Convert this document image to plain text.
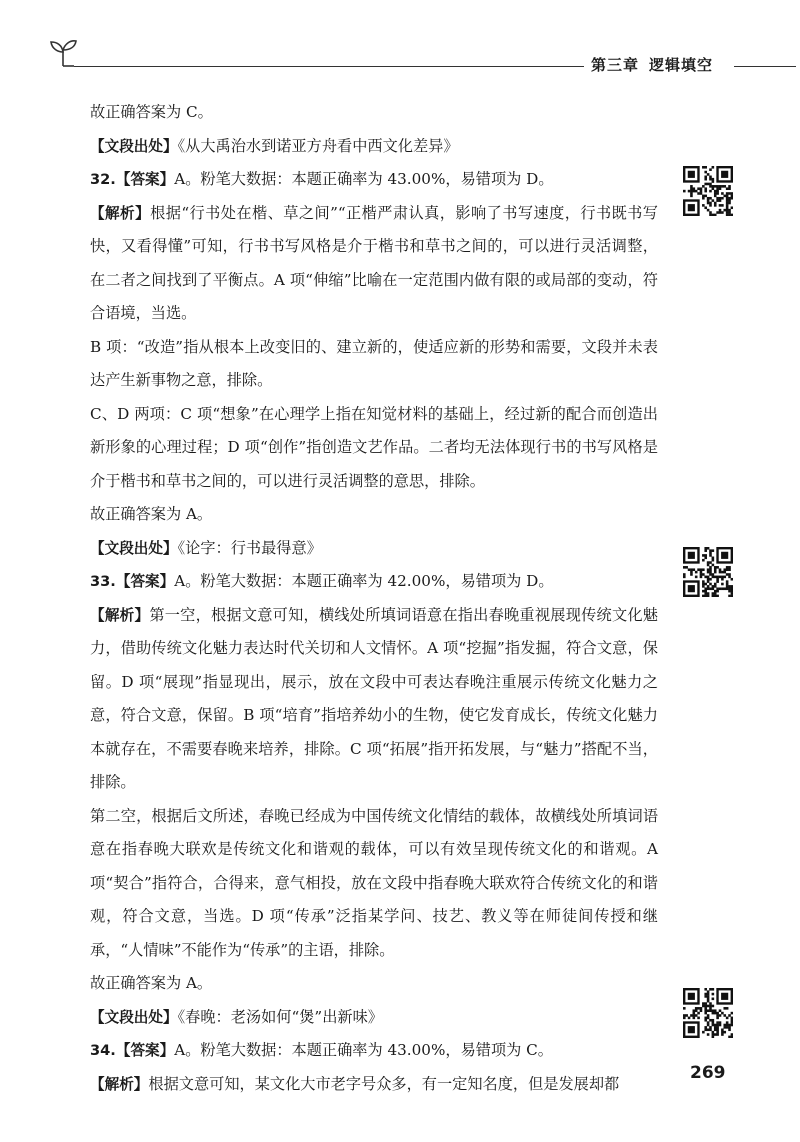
第三章 逻辑填空

故正确答案为 C。

【文段出处】《从大禹治水到诺亚方舟看中西文化差异》

32.【答案】A。粉笔大数据：本题正确率为 43.00%，易错项为 D。

【解析】根据“行书处在楷、草之间”“正楷严肃认真，影响了书写速度，行书既书写快，又看得懂”可知，行书书写风格是介于楷书和草书之间的，可以进行灵活调整，在二者之间找到了平衡点。A 项“伸缩”比喻在一定范围内做有限的或局部的变动，符合语境，当选。

B 项：“改造”指从根本上改变旧的、建立新的，使适应新的形势和需要，文段并未表达产生新事物之意，排除。

C、D 两项：C 项“想象”在心理学上指在知觉材料的基础上，经过新的配合而创造出新形象的心理过程；D 项“创作”指创造文艺作品。二者均无法体现行书的书写风格是介于楷书和草书之间的，可以进行灵活调整的意思，排除。

故正确答案为 A。

【文段出处】《论字：行书最得意》

33.【答案】A。粉笔大数据：本题正确率为 42.00%，易错项为 D。

【解析】第一空，根据文意可知，横线处所填词语意在指出春晚重视展现传统文化魅力，借助传统文化魅力表达时代关切和人文情怀。A 项“挖掘”指发掘，符合文意，保留。D 项“展现”指显现出，展示，放在文段中可表达春晚注重展示传统文化魅力之意，符合文意，保留。B 项“培育”指培养幼小的生物，使它发育成长，传统文化魅力本就存在，不需要春晚来培养，排除。C 项“拓展”指开拓发展，与“魅力”搭配不当，排除。

第二空，根据后文所述，春晚已经成为中国传统文化情结的载体，故横线处所填词语意在指春晚大联欢是传统文化和谐观的载体，可以有效呈现传统文化的和谐观。A 项“契合”指符合，合得来，意气相投，放在文段中指春晚大联欢符合传统文化的和谐观，符合文意，当选。D 项“传承”泛指某学问、技艺、教义等在师徒间传授和继承，“人情味”不能作为“传承”的主语，排除。

故正确答案为 A。

【文段出处】《春晚：老汤如何“煲”出新味》

34.【答案】A。粉笔大数据：本题正确率为 43.00%，易错项为 C。

【解析】根据文意可知，某文化大市老字号众多，有一定知名度，但是发展却都

269
